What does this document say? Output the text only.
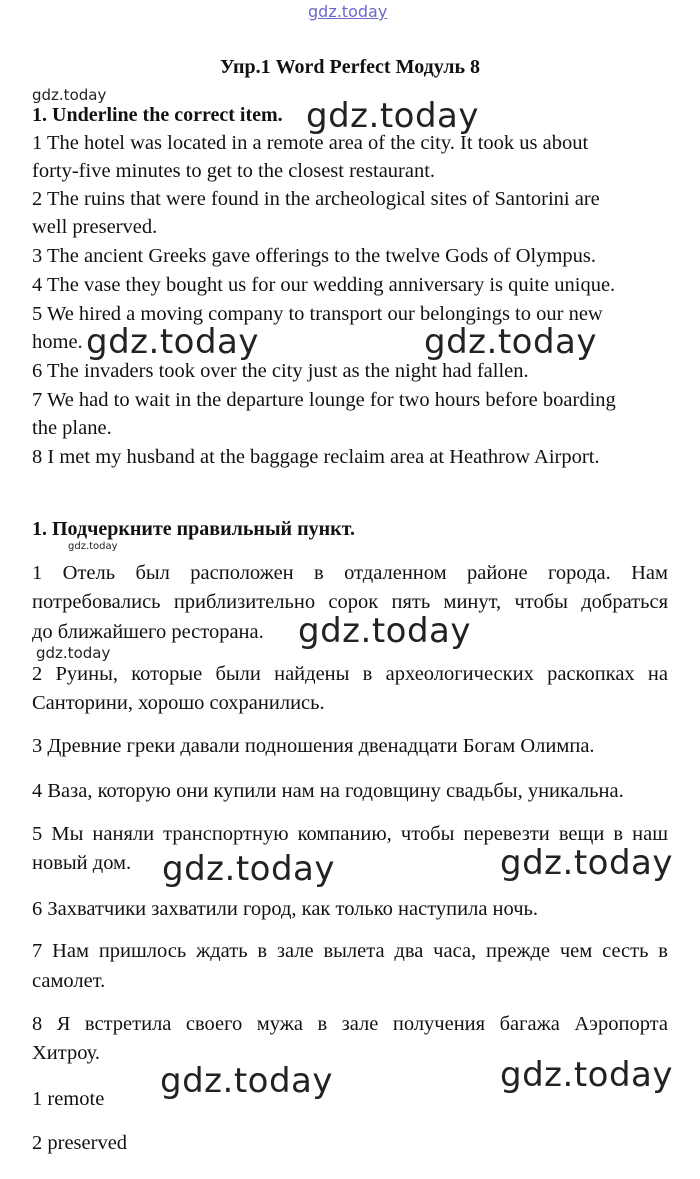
gdz.today
Упр.1 Word Perfect Модуль 8
gdz.today
1. Underline the correct item. gdz.today
1 The hotel was located in a remote area of the city. It took us about
forty-five minutes to get to the closest restaurant.
2 The ruins that were found in the archeological sites of Santorini are
well preserved.
3 The ancient Greeks gave offerings to the twelve Gods of Olympus.
4 The vase they bought us for our wedding anniversary is quite unique.
5 We hired a moving company to transport our belongings to our new
home. gdz.today	gdz.today
6 The invaders took over the city just as the night had fallen.
7 We had to wait in the departure lounge for two hours before boarding
the plane.
8 I met my husband at the baggage reclaim area at Heathrow Airport.
1. Подчеркните правильный пункт.
gdz.today
1 Отель был расположен в отдаленном районе города. Нам
потребовались приблизительно сорок пять минут, чтобы добраться
до ближайшего ресторана.	gdz.today
gdz.today
2 Руины, которые были найдены в археологических раскопках на
Санторини, хорошо сохранились.
3 Древние греки давали подношения двенадцати Богам Олимпа.
4 Ваза, которую они купили нам на годовщину свадьбы, уникальна.
5 Мы наняли транспортную компанию, чтобы перевезти вещи в наш
новый дом. gdz.today	gdz.today
6 Захватчики захватили город, как только наступила ночь.
7 Нам пришлось ждать в зале вылета два часа, прежде чем сесть в
самолет.
8 Я встретила своего мужа в зале получения багажа Аэропорта
Хитроу.
gdz.today	gdz.today
1 remote
2 preserved
